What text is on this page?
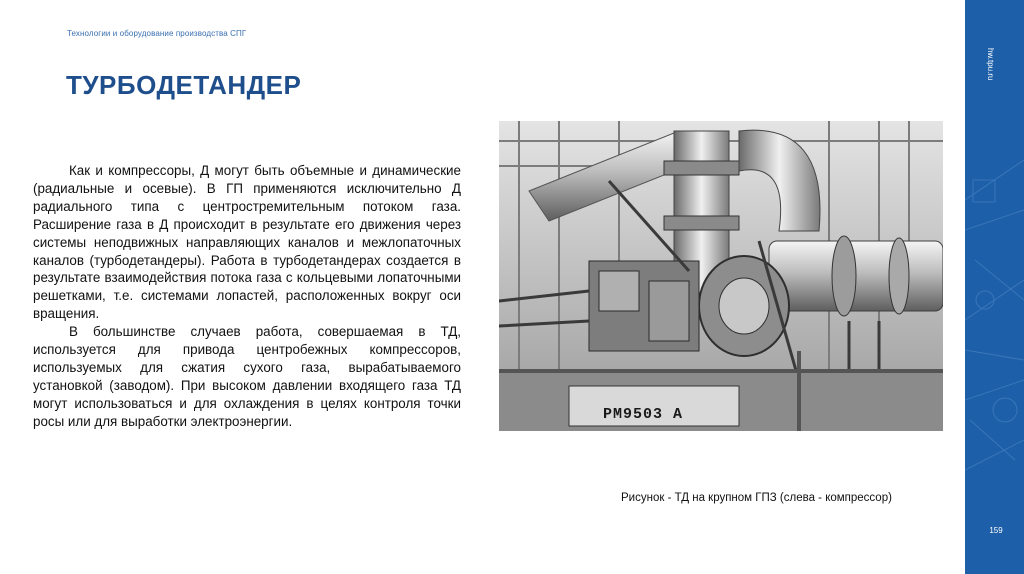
Технологии и оборудование производства СПГ
ТУРБОДЕТАНДЕР

Как и компрессоры, Д могут быть объемные и динамические (радиальные и осевые). В ГП применяются исключительно Д радиального типа с центростремительным потоком газа. Расширение газа в Д происходит в результате его движения через системы неподвижных направляющих каналов и межлопаточных каналов (турбодетандеры). Работа в турбодетандерах создается в результате взаимодействия потока газа с кольцевыми лопаточными решетками, т.е. системами лопастей, расположенных вокруг оси вращения.

В большинстве случаев работа, совершаемая в ТД, используется для привода центробежных компрессоров, используемых для сжатия сухого газа, вырабатываемого установкой (заводом). При высоком давлении входящего газа ТД могут использоваться и для охлаждения в целях контроля точки росы или для выработки электроэнергии.	PM9503 A
Рисунок - ТД на крупном ГПЗ (слева - компрессор)
hw.tpu.ru
159
